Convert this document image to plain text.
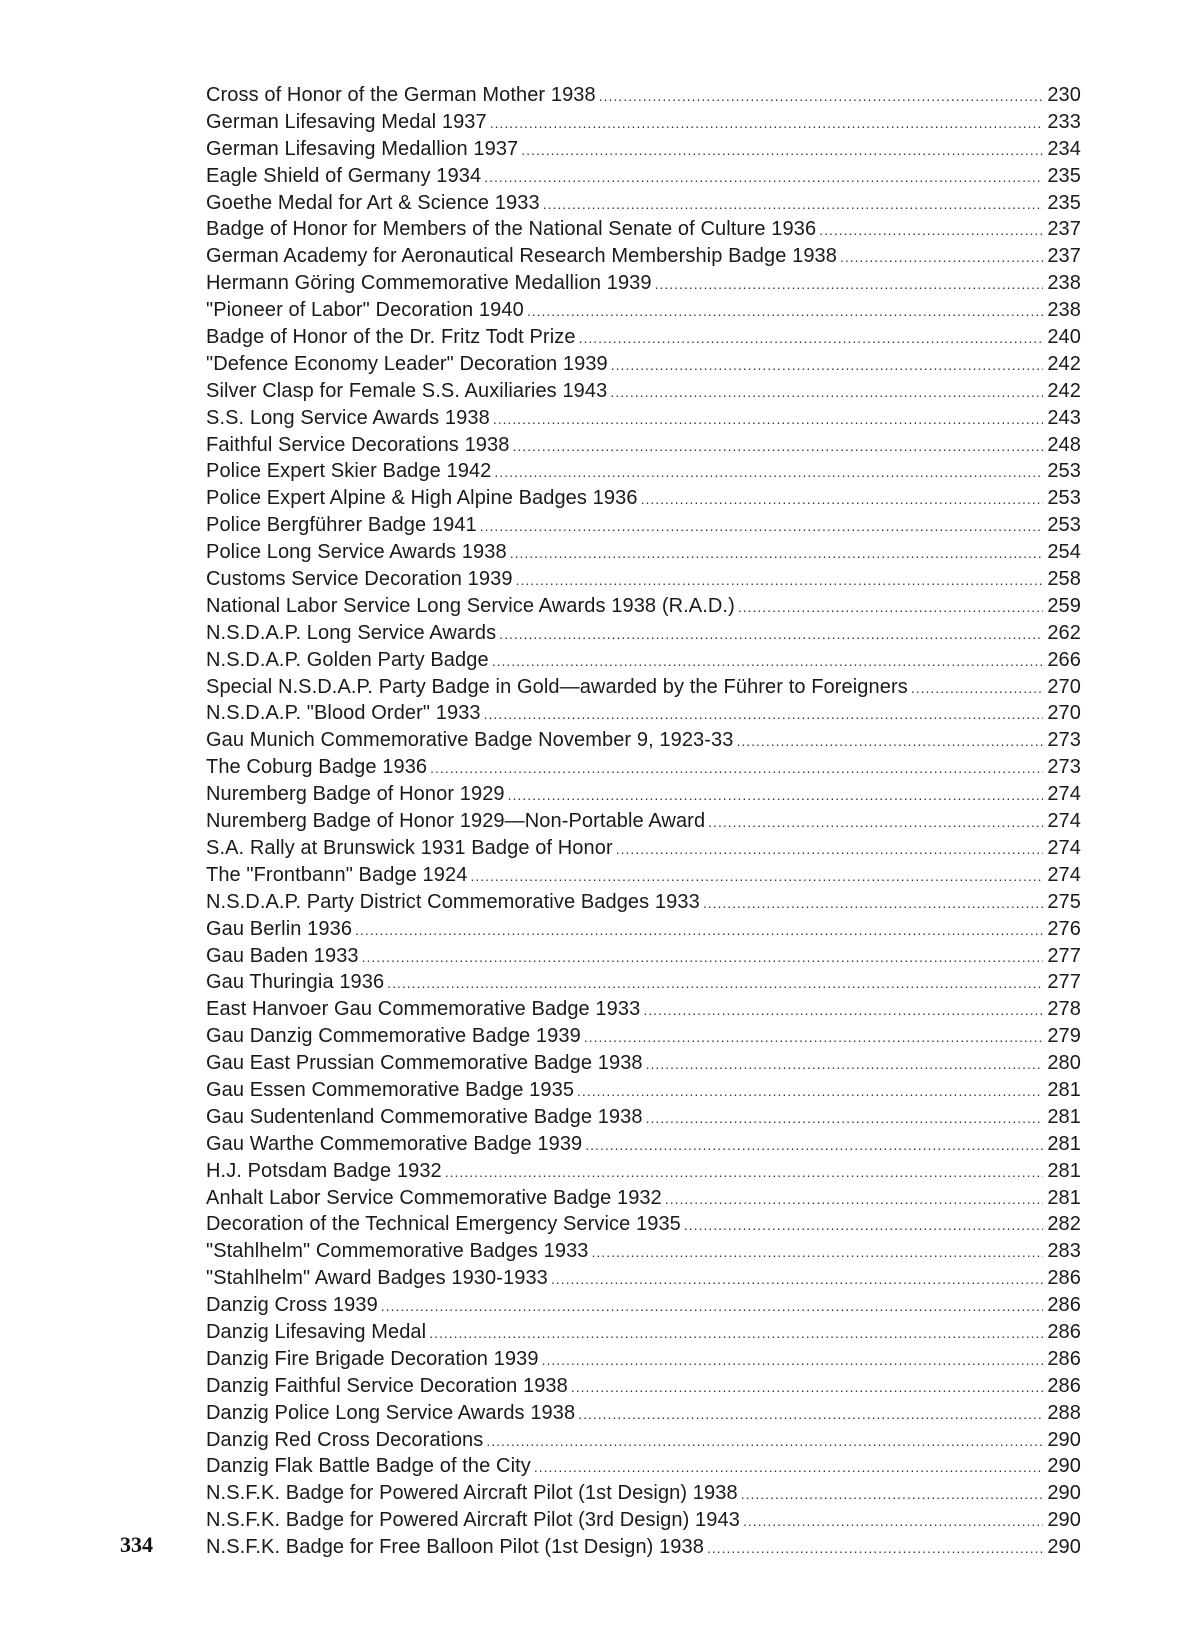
Cross of Honor of the German Mother 1938 .....	230
German Lifesaving Medal 1937 .....	233
German Lifesaving Medallion 1937 .....	234
Eagle Shield of Germany 1934 .....	235
Goethe Medal for Art & Science 1933 .....	235
Badge of Honor for Members of the National Senate of Culture 1936 .....	237
German Academy for Aeronautical Research Membership Badge 1938 .....	237
Hermann Göring Commemorative Medallion 1939 .....	238
"Pioneer of Labor" Decoration 1940 .....	238
Badge of Honor of the Dr. Fritz Todt Prize .....	240
"Defence Economy Leader" Decoration 1939 .....	242
Silver Clasp for Female S.S. Auxiliaries 1943 .....	242
S.S. Long Service Awards 1938 .....	243
Faithful Service Decorations 1938 .....	248
Police Expert Skier Badge 1942 .....	253
Police Expert Alpine & High Alpine Badges 1936 .....	253
Police Bergführer Badge 1941 .....	253
Police Long Service Awards 1938 .....	254
Customs Service Decoration 1939 .....	258
National Labor Service Long Service Awards 1938 (R.A.D.) .....	259
N.S.D.A.P. Long Service Awards .....	262
N.S.D.A.P. Golden Party Badge .....	266
Special N.S.D.A.P. Party Badge in Gold—awarded by the Führer to Foreigners .....	270
N.S.D.A.P. "Blood Order" 1933 .....	270
Gau Munich Commemorative Badge November 9, 1923-33 .....	273
The Coburg Badge 1936 .....	273
Nuremberg Badge of Honor 1929 .....	274
Nuremberg Badge of Honor 1929—Non-Portable Award .....	274
S.A. Rally at Brunswick 1931 Badge of Honor .....	274
The "Frontbann" Badge 1924 .....	274
N.S.D.A.P. Party District Commemorative Badges 1933 .....	275
Gau Berlin 1936 .....	276
Gau Baden 1933 .....	277
Gau Thuringia 1936 .....	277
East Hanvoer Gau Commemorative Badge 1933 .....	278
Gau Danzig Commemorative Badge 1939 .....	279
Gau East Prussian Commemorative Badge 1938 .....	280
Gau Essen Commemorative Badge 1935 .....	281
Gau Sudentenland Commemorative Badge 1938 .....	281
Gau Warthe Commemorative Badge 1939 .....	281
H.J. Potsdam Badge 1932 .....	281
Anhalt Labor Service Commemorative Badge 1932 .....	281
Decoration of the Technical Emergency Service 1935 .....	282
"Stahlhelm" Commemorative Badges 1933 .....	283
"Stahlhelm" Award Badges 1930-1933 .....	286
Danzig Cross 1939 .....	286
Danzig Lifesaving Medal .....	286
Danzig Fire Brigade Decoration 1939 .....	286
Danzig Faithful Service Decoration 1938 .....	286
Danzig Police Long Service Awards 1938 .....	288
Danzig Red Cross Decorations .....	290
Danzig Flak Battle Badge of the City .....	290
N.S.F.K. Badge for Powered Aircraft Pilot (1st Design) 1938 .....	290
N.S.F.K. Badge for Powered Aircraft Pilot (3rd Design) 1943 .....	290
N.S.F.K. Badge for Free Balloon Pilot (1st Design) 1938 .....	290
334
